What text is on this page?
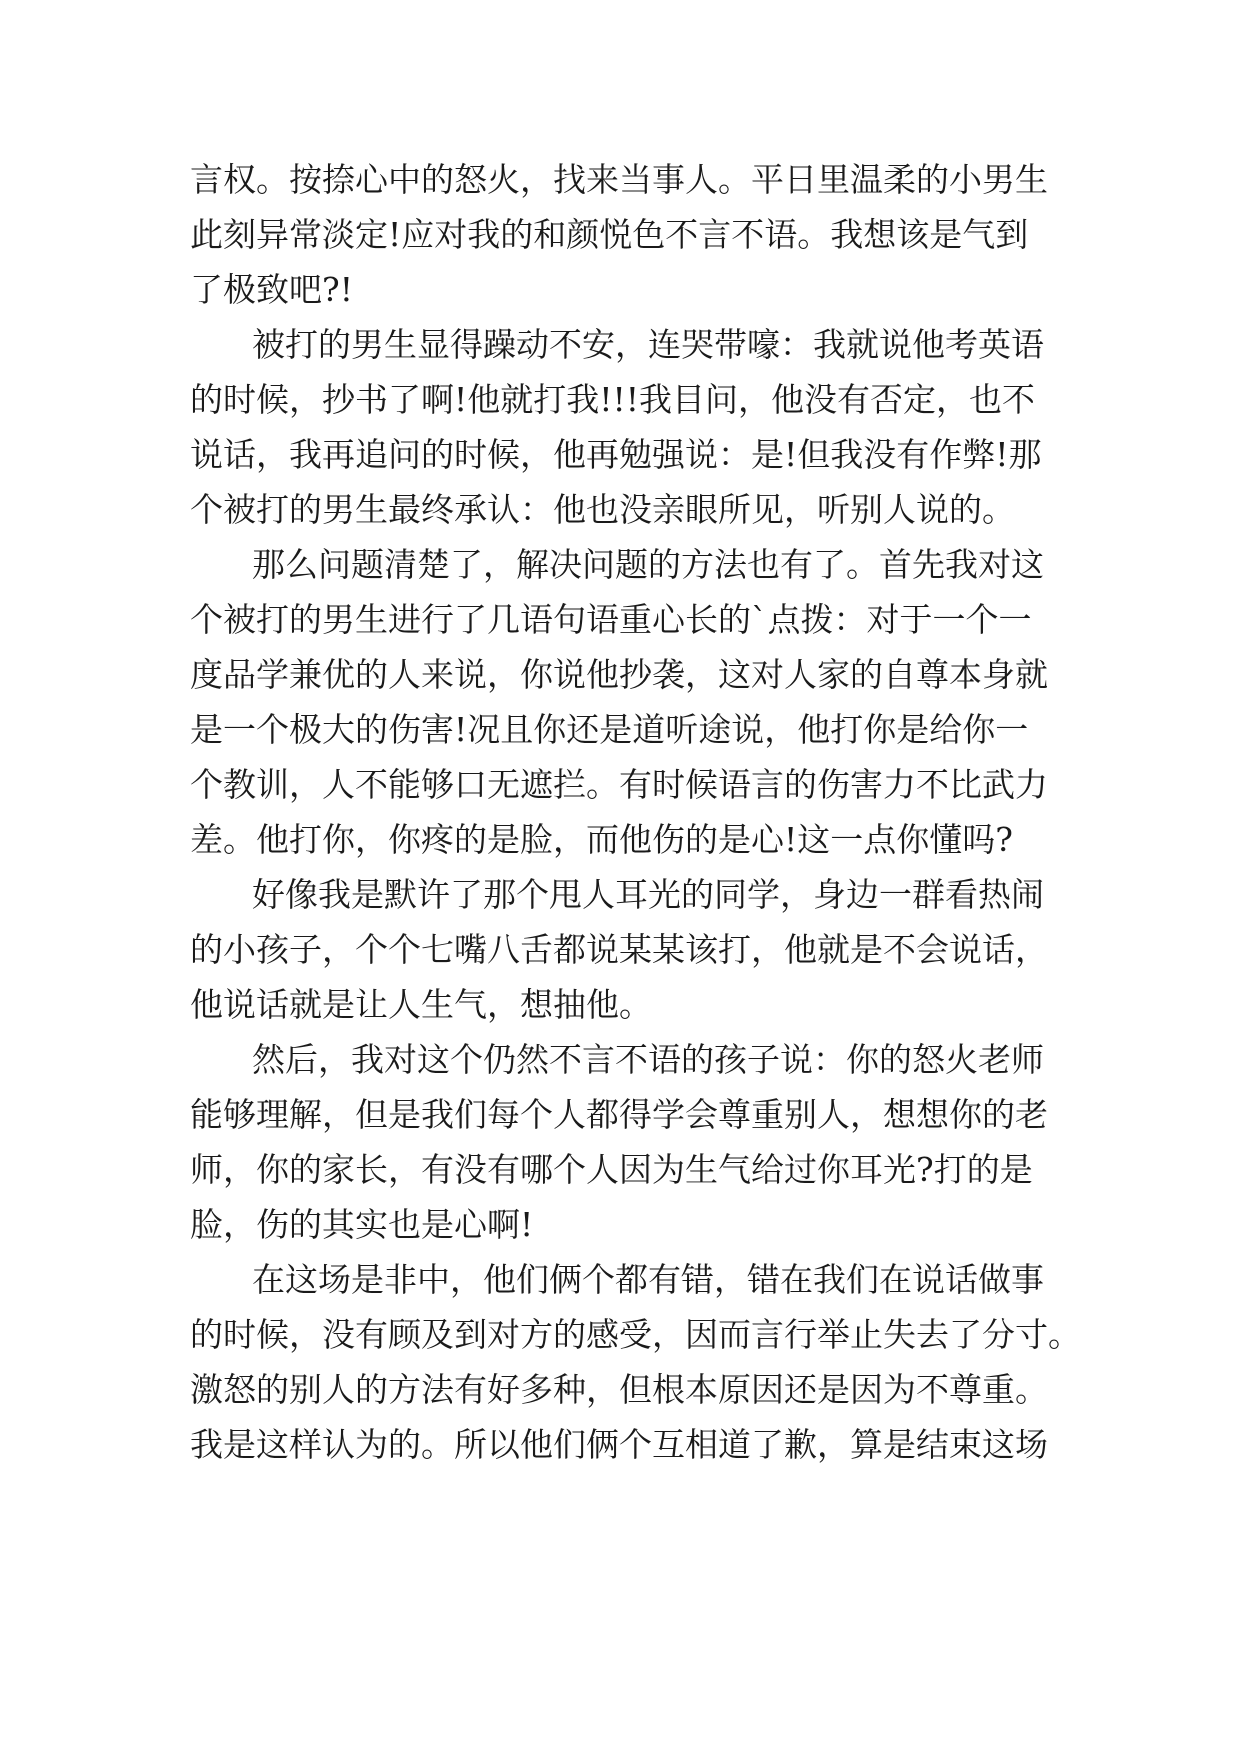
言权。按捺心中的怒火，找来当事人。平日里温柔的小男生
此刻异常淡定!应对我的和颜悦色不言不语。我想该是气到
了极致吧?!
被打的男生显得躁动不安，连哭带嚎：我就说他考英语
的时候，抄书了啊!他就打我!!!我目问，他没有否定，也不
说话，我再追问的时候，他再勉强说：是!但我没有作弊!那
个被打的男生最终承认：他也没亲眼所见，听别人说的。
那么问题清楚了，解决问题的方法也有了。首先我对这
个被打的男生进行了几语句语重心长的`点拨：对于一个一
度品学兼优的人来说，你说他抄袭，这对人家的自尊本身就
是一个极大的伤害!况且你还是道听途说，他打你是给你一
个教训，人不能够口无遮拦。有时候语言的伤害力不比武力
差。他打你，你疼的是脸，而他伤的是心!这一点你懂吗?
好像我是默许了那个甩人耳光的同学，身边一群看热闹
的小孩子，个个七嘴八舌都说某某该打，他就是不会说话，
他说话就是让人生气，想抽他。
然后，我对这个仍然不言不语的孩子说：你的怒火老师
能够理解，但是我们每个人都得学会尊重别人，想想你的老
师，你的家长，有没有哪个人因为生气给过你耳光?打的是
脸，伤的其实也是心啊!
在这场是非中，他们俩个都有错，错在我们在说话做事
的时候，没有顾及到对方的感受，因而言行举止失去了分寸。
激怒的别人的方法有好多种，但根本原因还是因为不尊重。
我是这样认为的。所以他们俩个互相道了歉，算是结束这场
